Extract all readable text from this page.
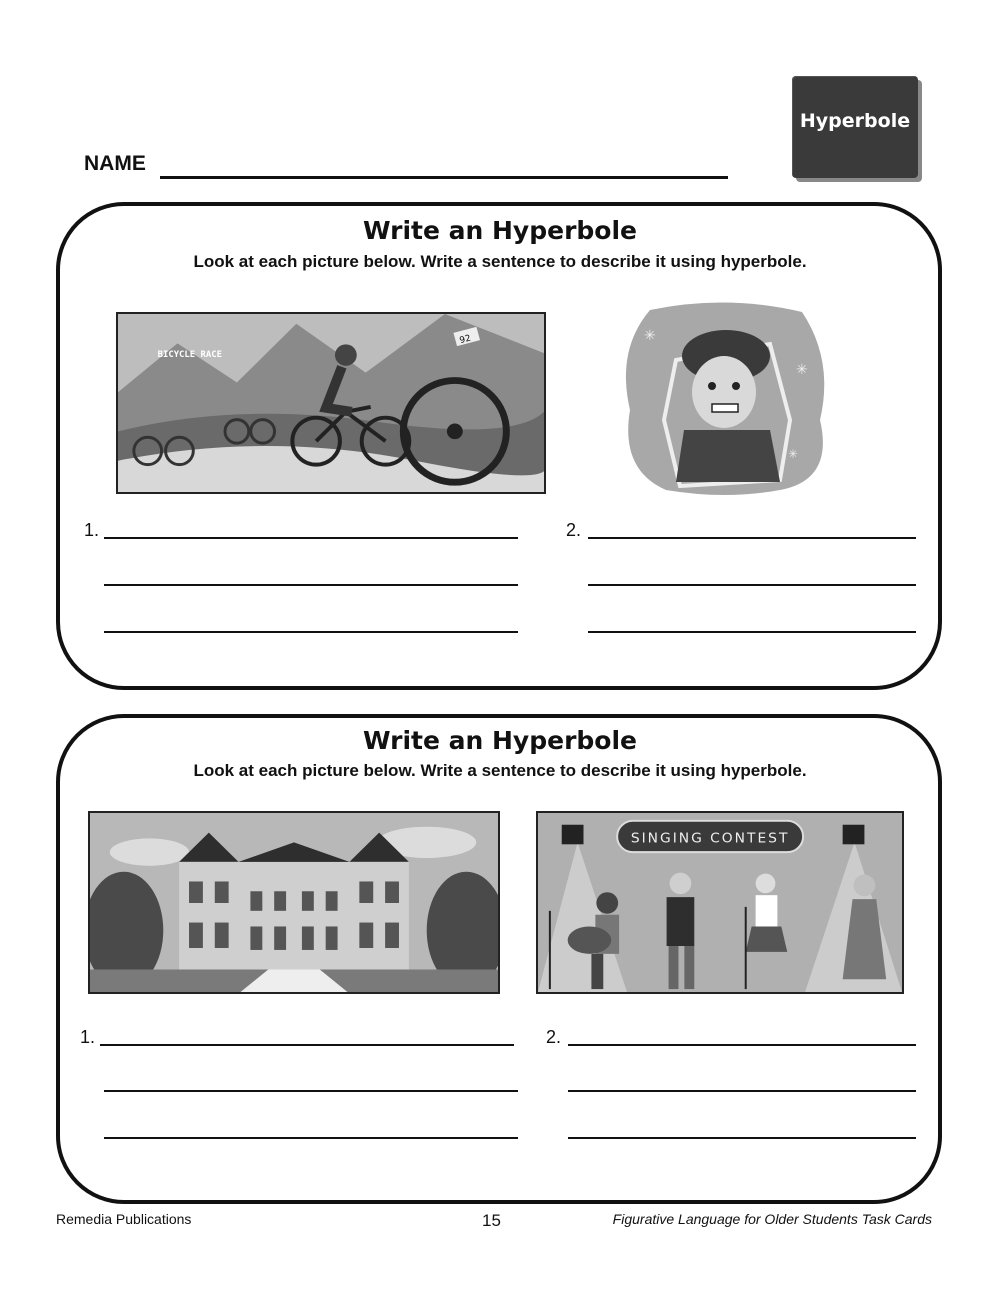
Hyperbole
NAME
Write an Hyperbole
Look at each picture below. Write a sentence to describe it using hyperbole.
BICYCLE RACE
92	✳
✳
✳
1.	2.
Write an Hyperbole
Look at each picture below. Write a sentence to describe it using hyperbole.
SINGING CONTEST
1.	2.
Remedia Publications	15	Figurative Language for Older Students Task Cards
